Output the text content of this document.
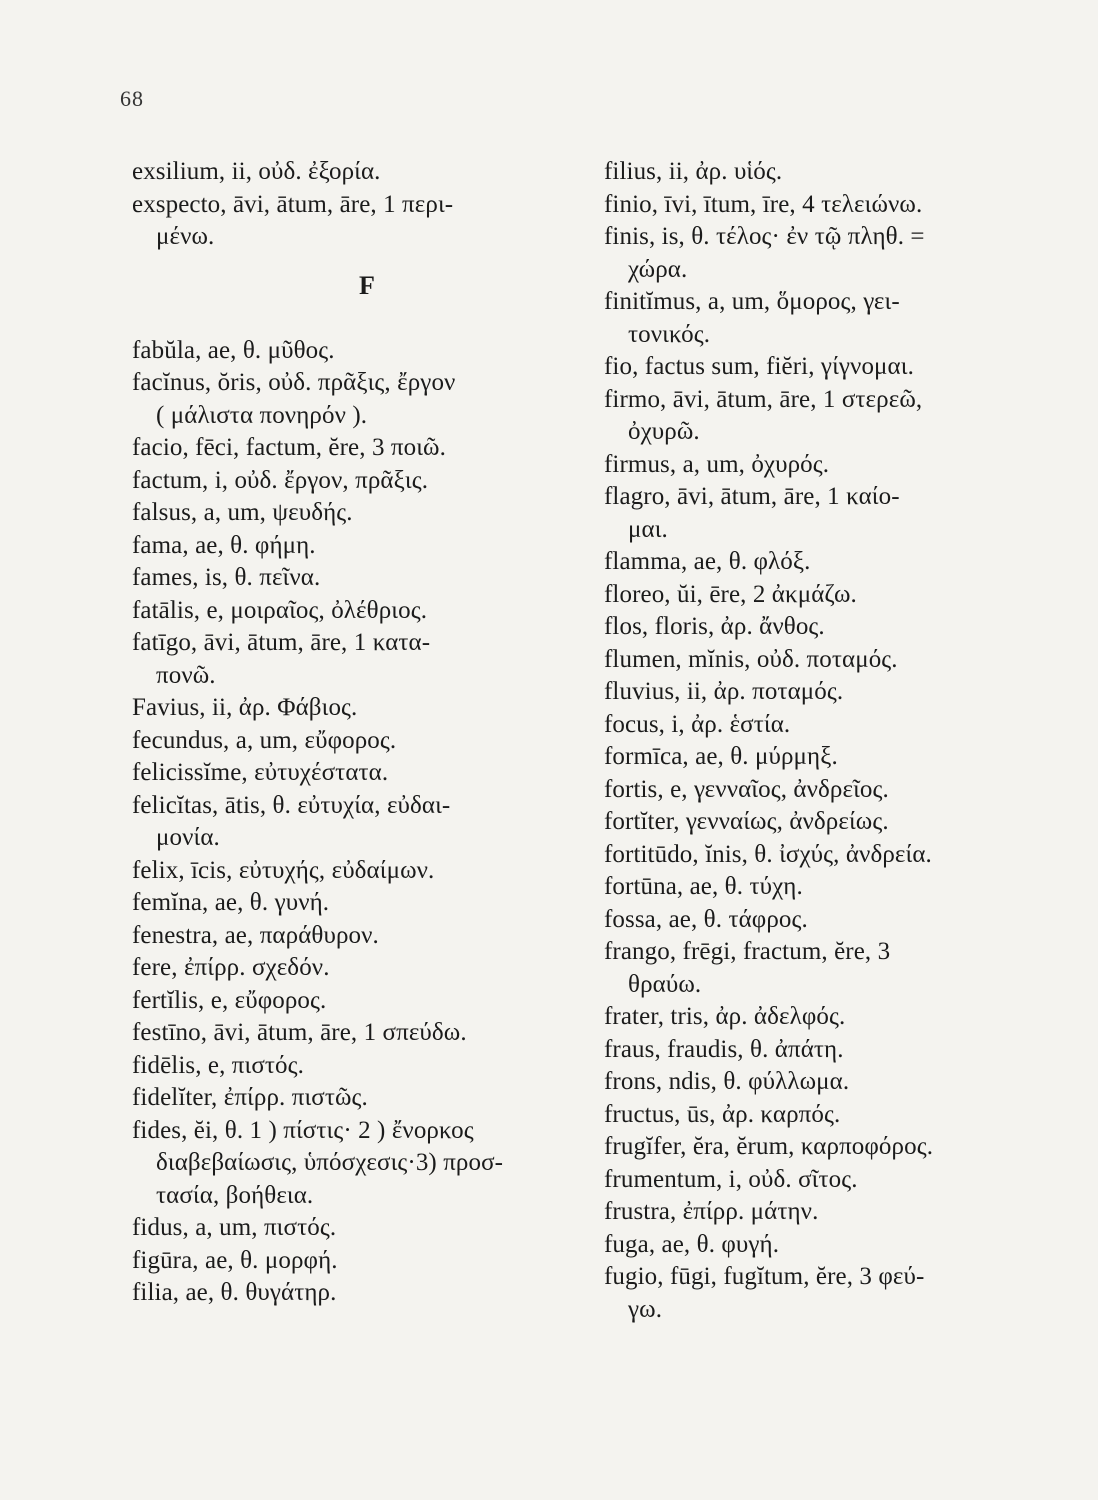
68
exsilium, ii, οὐδ. ἐξορία.
exspecto, āvi, ātum, āre, 1 περι-
μένω.
F
fabŭla, ae, θ. μῦθος.
facĭnus, ŏris, οὐδ. πρᾶξις, ἔργον
( μάλιστα πονηρόν ).
facio, fēci, factum, ĕre, 3 ποιῶ.
factum, i, οὐδ. ἔργον, πρᾶξις.
falsus, a, um, ψευδής.
fama, ae, θ. φήμη.
fames, is, θ. πεῖνα.
fatālis, e, μοιραῖος, ὀλέθριος.
fatīgo, āvi, ātum, āre, 1 κατα-
πονῶ.
Favius, ii, ἀρ. Φάβιος.
fecundus, a, um, εὔφορος.
felicissĭme, εὐτυχέστατα.
felicĭtas, ātis, θ. εὐτυχία, εὐδαι-
μονία.
felix, īcis, εὐτυχής, εὐδαίμων.
femĭna, ae, θ. γυνή.
fenestra, ae, παράθυρον.
fere, ἐπίρρ. σχεδόν.
fertĭlis, e, εὔφορος.
festīno, āvi, ātum, āre, 1 σπεύδω.
fidēlis, e, πιστός.
fidelĭter, ἐπίρρ. πιστῶς.
fides, ĕi, θ. 1 ) πίστις· 2 ) ἔνορκος
διαβεβαίωσις, ὑπόσχεσις·3) προσ-
τασία, βοήθεια.
fidus, a, um, πιστός.
figūra, ae, θ. μορφή.
filia, ae, θ. θυγάτηρ.
filius, ii, ἀρ. υἱός.
finio, īvi, ītum, īre, 4 τελειώνω.
finis, is, θ. τέλος· ἐν τῷ πληθ. =
χώρα.
finitĭmus, a, um, ὅμορος, γει-
τονικός.
fio, factus sum, fiĕri, γίγνομαι.
firmo, āvi, ātum, āre, 1 στερεῶ,
ὀχυρῶ.
firmus, a, um, ὀχυρός.
flagro, āvi, ātum, āre, 1 καίο-
μαι.
flamma, ae, θ. φλόξ.
floreo, ŭi, ēre, 2 ἀκμάζω.
flos, floris, ἀρ. ἄνθος.
flumen, mĭnis, οὐδ. ποταμός.
fluvius, ii, ἀρ. ποταμός.
focus, i, ἀρ. ἑστία.
formīca, ae, θ. μύρμηξ.
fortis, e, γενναῖος, ἀνδρεῖος.
fortĭter, γενναίως, ἀνδρείως.
fortitūdo, ĭnis, θ. ἰσχύς, ἀνδρεία.
fortūna, ae, θ. τύχη.
fossa, ae, θ. τάφρος.
frango, frēgi, fractum, ĕre, 3
θραύω.
frater, tris, ἀρ. ἀδελφός.
fraus, fraudis, θ. ἀπάτη.
frons, ndis, θ. φύλλωμα.
fructus, ūs, ἀρ. καρπός.
frugĭfer, ĕra, ĕrum, καρποφόρος.
frumentum, i, οὐδ. σῖτος.
frustra, ἐπίρρ. μάτην.
fuga, ae, θ. φυγή.
fugio, fūgi, fugĭtum, ĕre, 3 φεύ-
γω.
